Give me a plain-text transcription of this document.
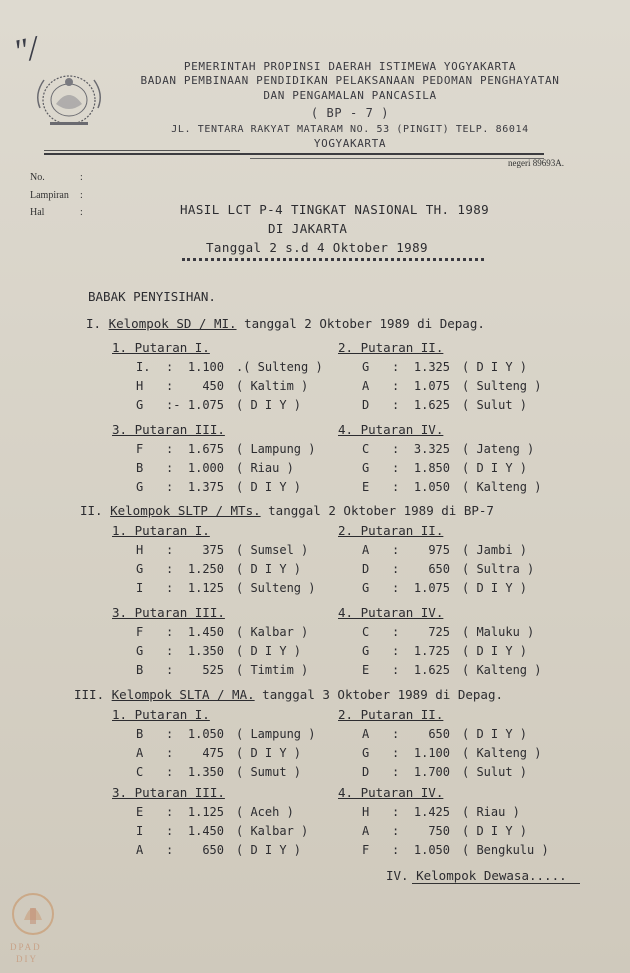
"/	PEMERINTAH PROPINSI DAERAH ISTIMEWA YOGYAKARTA
BADAN PEMBINAAN PENDIDIKAN PELAKSANAAN PEDOMAN PENGHAYATAN
DAN PENGAMALAN PANCASILA
( BP - 7 )
JL. TENTARA RAKYAT MATARAM NO. 53 (PINGIT) TELP. 86014
YOGYAKARTA
negeri 89693A.
No.	:
Lampiran :
Hal	:	HASIL LCT P-4 TINGKAT NASIONAL TH. 1989
DI JAKARTA
Tanggal 2 s.d 4 Oktober 1989
BABAK PENYISIHAN.
I. Kelompok SD / MI. tanggal 2 Oktober 1989 di Depag.
1. Putaran I.
I. :	1.100 .( Sulteng )
H :	450 ( Kaltim )
G :- 1.075 ( D I Y )
2. Putaran II.
G :	1.325 ( D I Y )
A :	1.075 ( Sulteng )
D :	1.625 ( Sulut )
3. Putaran III.
F :	1.675 ( Lampung )
B :	1.000 ( Riau )
G :	1.375 ( D I Y )
4. Putaran IV.
C :	3.325 ( Jateng )
G :	1.850 ( D I Y )
E :	1.050 ( Kalteng )
II. Kelompok SLTP / MTs. tanggal 2 Oktober 1989 di BP-7
1. Putaran I.
H :	375 ( Sumsel )
G :	1.250 ( D I Y )
I :	1.125 ( Sulteng )
2. Putaran II.
A :	975 ( Jambi )
D :	650 ( Sultra )
G :	1.075 ( D I Y )
3. Putaran III.
F :	1.450 ( Kalbar )
G :	1.350 ( D I Y )
B :	525 ( Timtim )
4. Putaran IV.
C :	725 ( Maluku )
G :	1.725 ( D I Y )
E :	1.625 ( Kalteng )
III. Kelompok SLTA / MA. tanggal 3 Oktober 1989 di Depag.
1. Putaran I.
B :	1.050 ( Lampung )
A :	475 ( D I Y )
C :	1.350 ( Sumut )
2. Putaran II.
A :	650 ( D I Y )
G :	1.100 ( Kalteng )
D :	1.700 ( Sulut )
3. Putaran III.
E :	1.125 ( Aceh )
I :	1.450 ( Kalbar )
A :	650 ( D I Y )
4. Putaran IV.
H :	1.425 ( Riau )
A :	750 ( D I Y )
F :	1.050 ( Bengkulu )
IV. Kelompok Dewasa.....
DPAD
DIY
